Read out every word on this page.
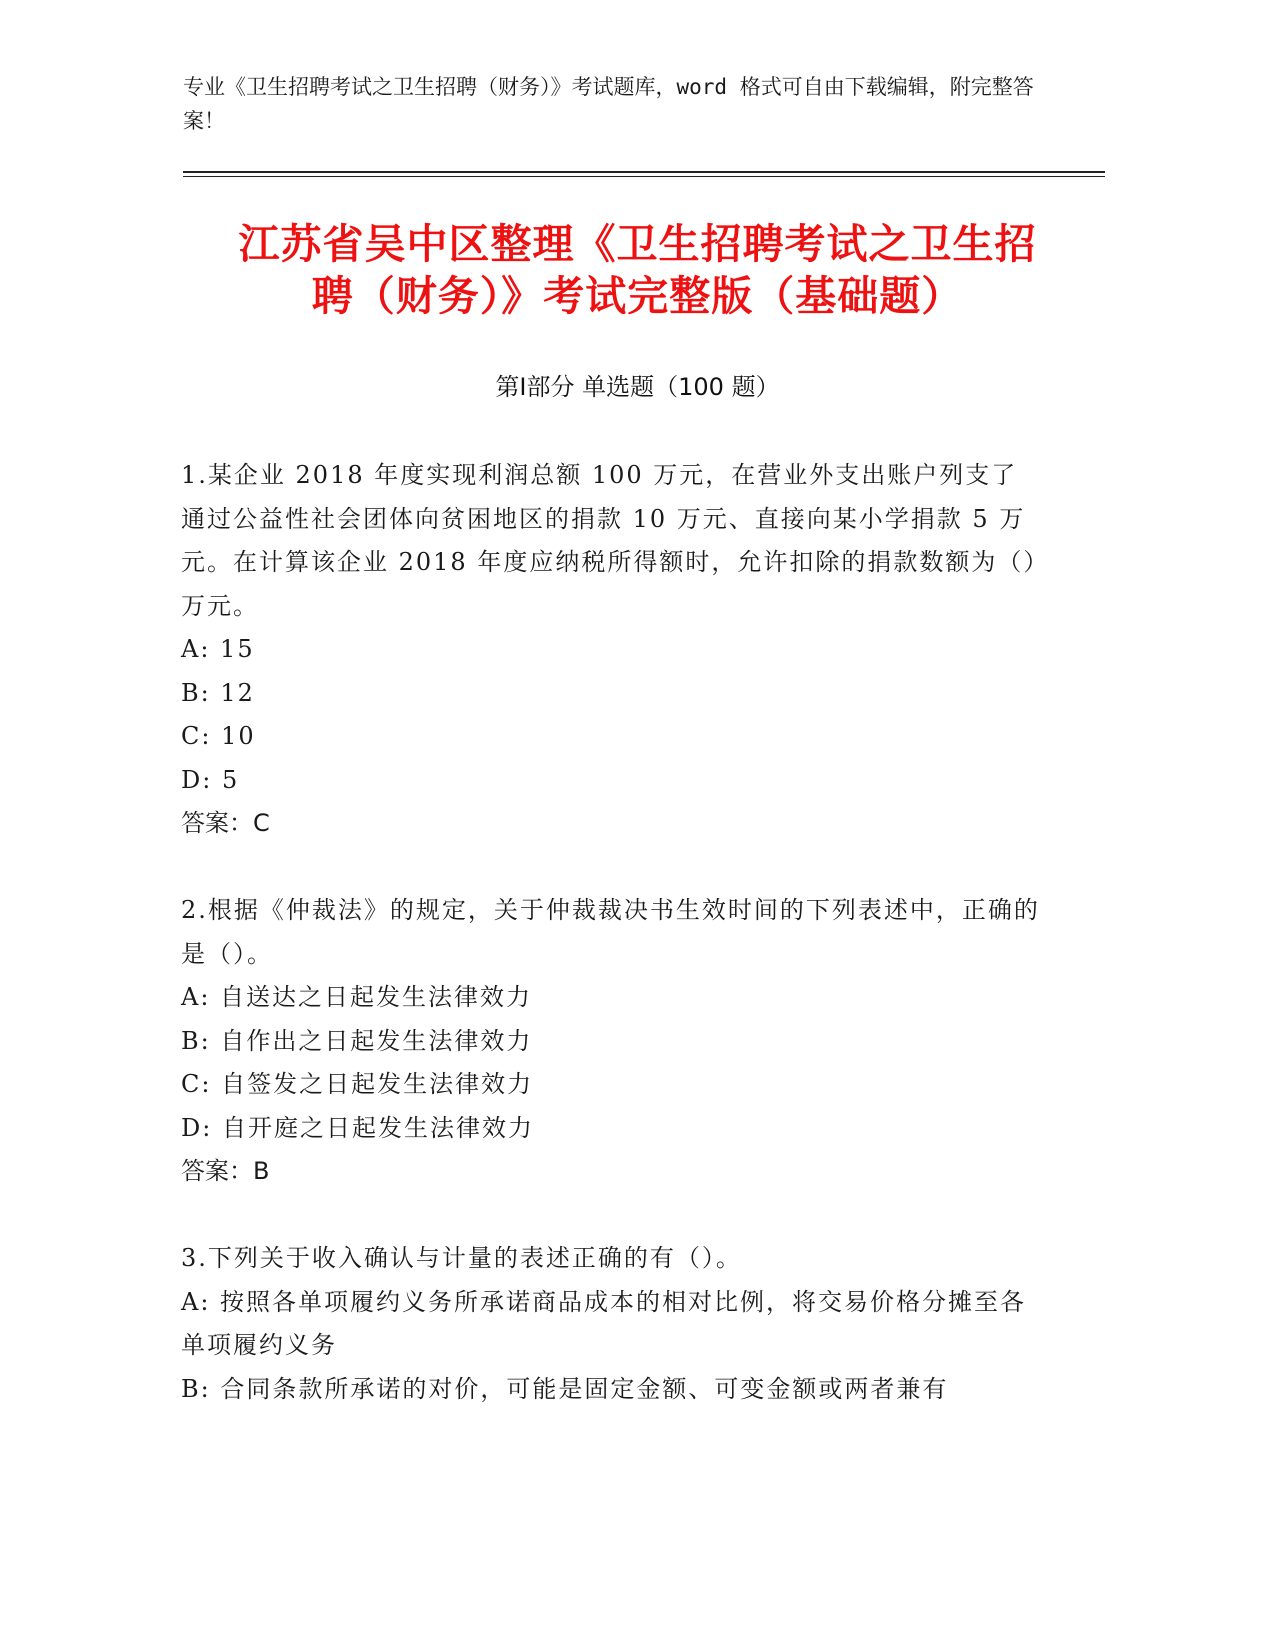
专业《卫生招聘考试之卫生招聘（财务）》考试题库，word 格式可自由下载编辑，附完整答案！
江苏省吴中区整理《卫生招聘考试之卫生招
聘（财务）》考试完整版（基础题）
第Ⅰ部分 单选题（100 题）

1.某企业 2018 年度实现利润总额 100 万元，在营业外支出账户列支了通过公益性社会团体向贫困地区的捐款 10 万元、直接向某小学捐款 5 万元。在计算该企业 2018 年度应纳税所得额时，允许扣除的捐款数额为（）万元。

A: 15

B: 12

C: 10

D: 5

答案：C

2.根据《仲裁法》的规定，关于仲裁裁决书生效时间的下列表述中，正确的是（）。

A: 自送达之日起发生法律效力

B: 自作出之日起发生法律效力

C: 自签发之日起发生法律效力

D: 自开庭之日起发生法律效力

答案：B

3.下列关于收入确认与计量的表述正确的有（）。

A: 按照各单项履约义务所承诺商品成本的相对比例，将交易价格分摊至各单项履约义务

B: 合同条款所承诺的对价，可能是固定金额、可变金额或两者兼有
